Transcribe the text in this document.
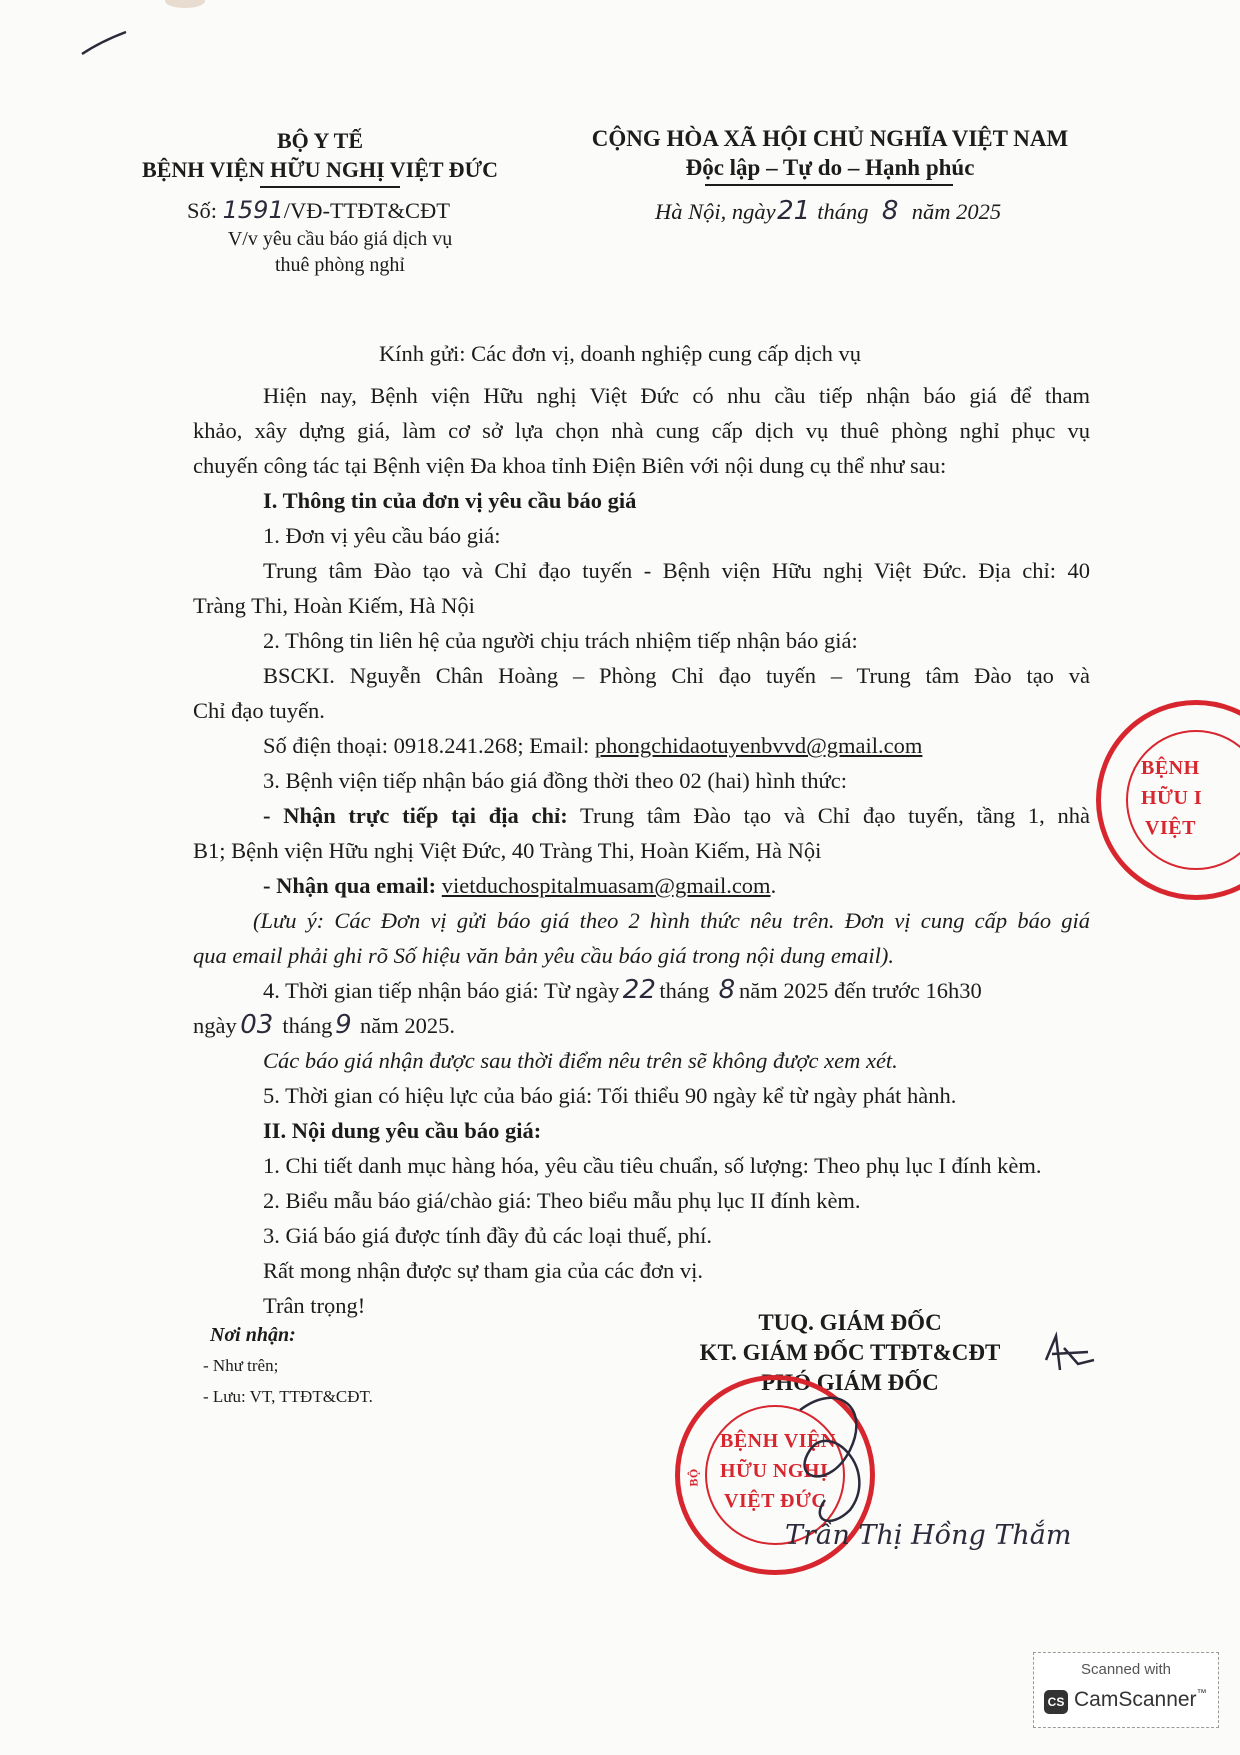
BỘ Y TẾ
BỆNH VIỆN HỮU NGHỊ VIỆT ĐỨC
Số: 1591/VĐ-TTĐT&CĐT
V/v yêu cầu báo giá dịch vụ
thuê phòng nghỉ
CỘNG HÒA XÃ HỘI CHỦ NGHĨA VIỆT NAM
Độc lập – Tự do – Hạnh phúc
Hà Nội, ngày21 tháng 8 năm 2025
Kính gửi: Các đơn vị, doanh nghiệp cung cấp dịch vụ
Hiện nay, Bệnh viện Hữu nghị Việt Đức có nhu cầu tiếp nhận báo giá để tham
khảo, xây dựng giá, làm cơ sở lựa chọn nhà cung cấp dịch vụ thuê phòng nghỉ phục vụ
chuyến công tác tại Bệnh viện Đa khoa tỉnh Điện Biên với nội dung cụ thể như sau:
I. Thông tin của đơn vị yêu cầu báo giá
1. Đơn vị yêu cầu báo giá:
Trung tâm Đào tạo và Chỉ đạo tuyến - Bệnh viện Hữu nghị Việt Đức. Địa chỉ: 40
Tràng Thi, Hoàn Kiếm, Hà Nội
2. Thông tin liên hệ của người chịu trách nhiệm tiếp nhận báo giá:
BSCKI. Nguyễn Chân Hoàng – Phòng Chỉ đạo tuyến – Trung tâm Đào tạo và
Chỉ đạo tuyến.
Số điện thoại: 0918.241.268; Email: phongchidaotuyenbvvd@gmail.com
3. Bệnh viện tiếp nhận báo giá đồng thời theo 02 (hai) hình thức:
- Nhận trực tiếp tại địa chỉ: Trung tâm Đào tạo và Chỉ đạo tuyến, tầng 1, nhà
B1; Bệnh viện Hữu nghị Việt Đức, 40 Tràng Thi, Hoàn Kiếm, Hà Nội
- Nhận qua email: vietduchospitalmuasam@gmail.com.
(Lưu ý: Các Đơn vị gửi báo giá theo 2 hình thức nêu trên. Đơn vị cung cấp báo giá
qua email phải ghi rõ Số hiệu văn bản yêu cầu báo giá trong nội dung email).
4. Thời gian tiếp nhận báo giá: Từ ngày 22 tháng 8 năm 2025 đến trước 16h30
ngày 03 tháng 9 năm 2025.
Các báo giá nhận được sau thời điểm nêu trên sẽ không được xem xét.
5. Thời gian có hiệu lực của báo giá: Tối thiểu 90 ngày kể từ ngày phát hành.
II. Nội dung yêu cầu báo giá:
1. Chi tiết danh mục hàng hóa, yêu cầu tiêu chuẩn, số lượng: Theo phụ lục I đính kèm.
2. Biểu mẫu báo giá/chào giá: Theo biểu mẫu phụ lục II đính kèm.
3. Giá báo giá được tính đầy đủ các loại thuế, phí.
Rất mong nhận được sự tham gia của các đơn vị.
Trân trọng!
Nơi nhận:
- Như trên;
- Lưu: VT, TTĐT&CĐT.
TUQ. GIÁM ĐỐC
KT. GIÁM ĐỐC TTĐT&CĐT
PHÓ GIÁM ĐỐC
BỆNH VIỆN
HỮU NGHỊ
VIỆT ĐỨC
BỘ
Trần Thị Hồng Thắm
BỆNH
HỮU I
VIỆT
Scanned with
CS CamScanner™
